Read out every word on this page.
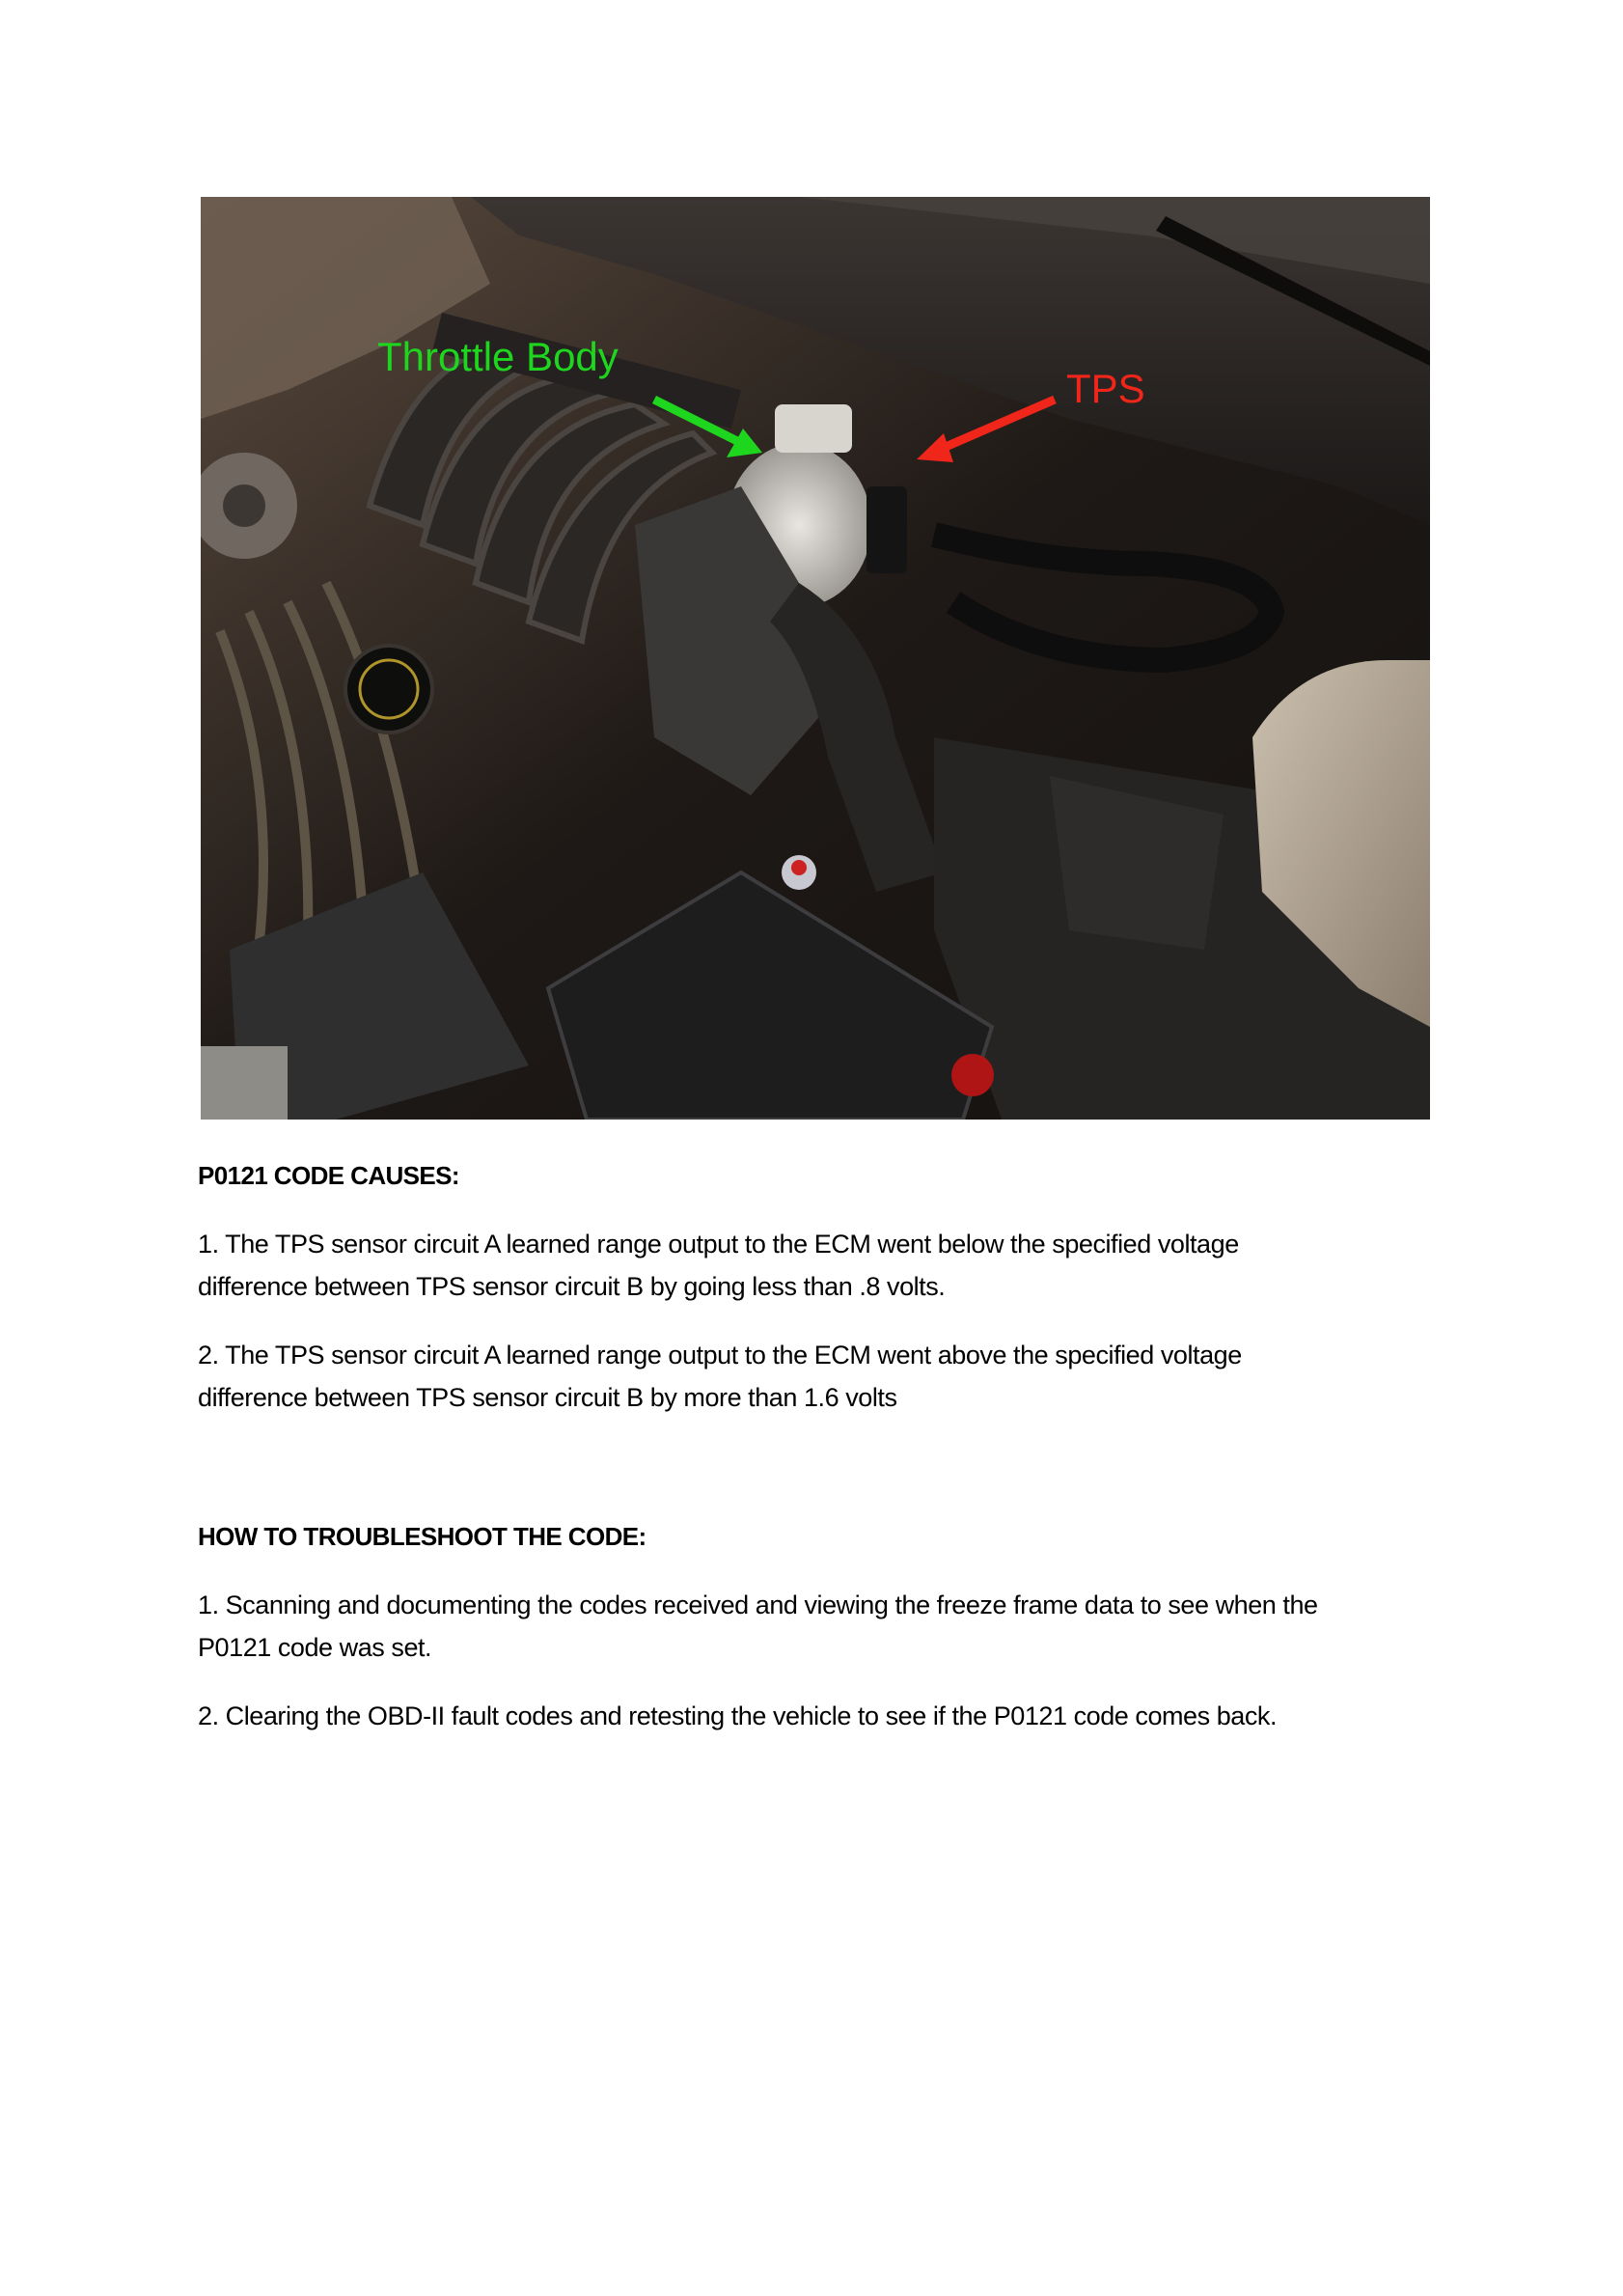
Throttle Body
TPS
P0121 CODE CAUSES:

1. The TPS sensor circuit A learned range output to the ECM went below the specified voltage
difference between TPS sensor circuit B by going less than .8 volts.

2. The TPS sensor circuit A learned range output to the ECM went above the specified voltage
difference between TPS sensor circuit B by more than 1.6 volts

HOW TO TROUBLESHOOT THE CODE:

1. Scanning and documenting the codes received and viewing the freeze frame data to see when the
P0121 code was set.

2. Clearing the OBD-II fault codes and retesting the vehicle to see if the P0121 code comes back.
